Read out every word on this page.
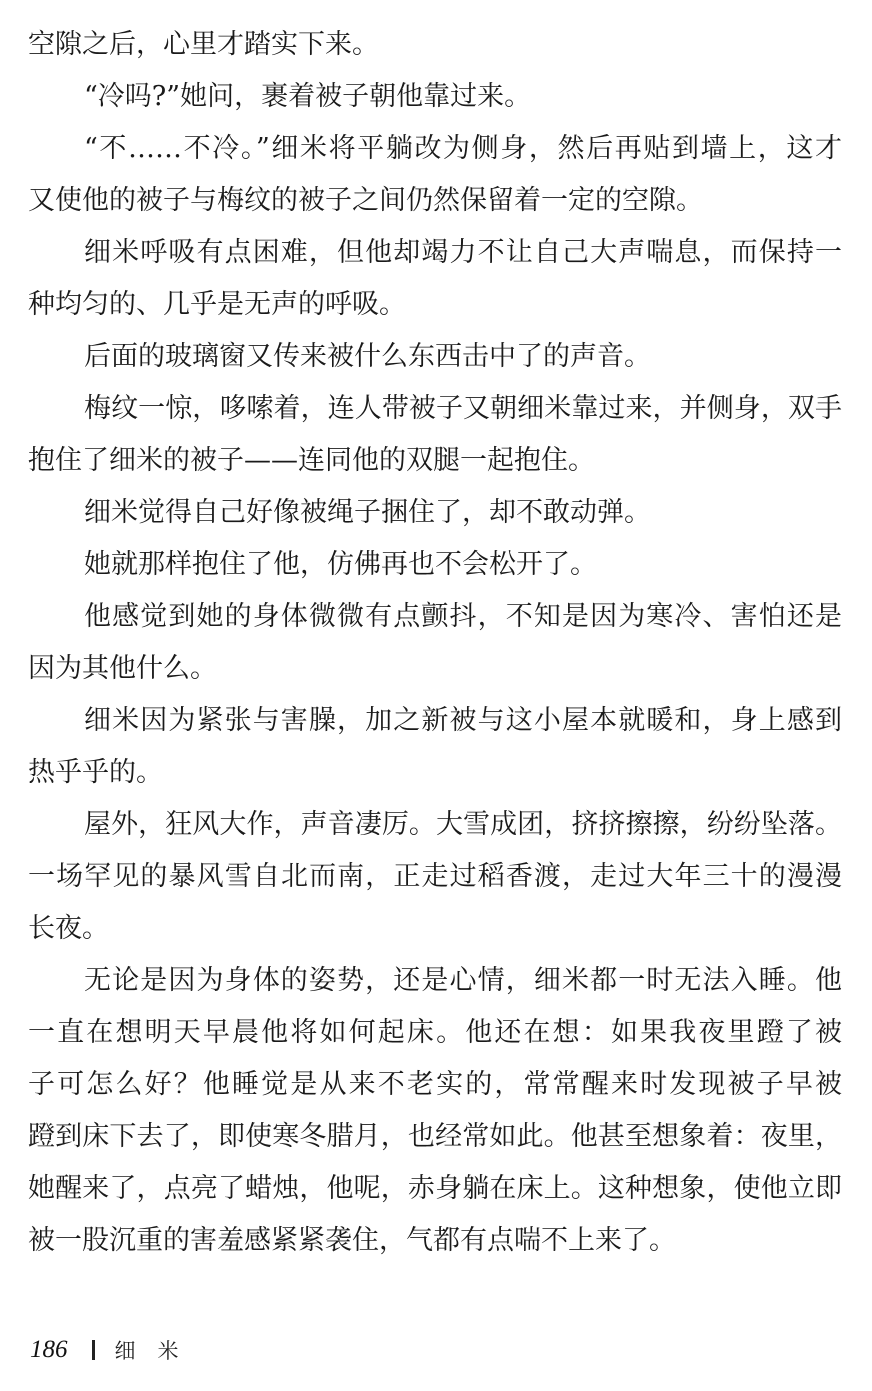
空隙之后，心里才踏实下来。
“冷吗?”她问，裹着被子朝他靠过来。
“不……不冷。”细米将平躺改为侧身，然后再贴到墙上，这才
又使他的被子与梅纹的被子之间仍然保留着一定的空隙。
细米呼吸有点困难，但他却竭力不让自己大声喘息，而保持一
种均匀的、几乎是无声的呼吸。
后面的玻璃窗又传来被什么东西击中了的声音。
梅纹一惊，哆嗦着，连人带被子又朝细米靠过来，并侧身，双手
抱住了细米的被子——连同他的双腿一起抱住。
细米觉得自己好像被绳子捆住了，却不敢动弹。
她就那样抱住了他，仿佛再也不会松开了。
他感觉到她的身体微微有点颤抖，不知是因为寒冷、害怕还是
因为其他什么。
细米因为紧张与害臊，加之新被与这小屋本就暖和，身上感到
热乎乎的。
屋外，狂风大作，声音凄厉。大雪成团，挤挤擦擦，纷纷坠落。
一场罕见的暴风雪自北而南，正走过稻香渡，走过大年三十的漫漫
长夜。
无论是因为身体的姿势，还是心情，细米都一时无法入睡。他
一直在想明天早晨他将如何起床。他还在想：如果我夜里蹬了被
子可怎么好？他睡觉是从来不老实的，常常醒来时发现被子早被
蹬到床下去了，即使寒冬腊月，也经常如此。他甚至想象着：夜里，
她醒来了，点亮了蜡烛，他呢，赤身躺在床上。这种想象，使他立即
被一股沉重的害羞感紧紧袭住，气都有点喘不上来了。
186 细米
